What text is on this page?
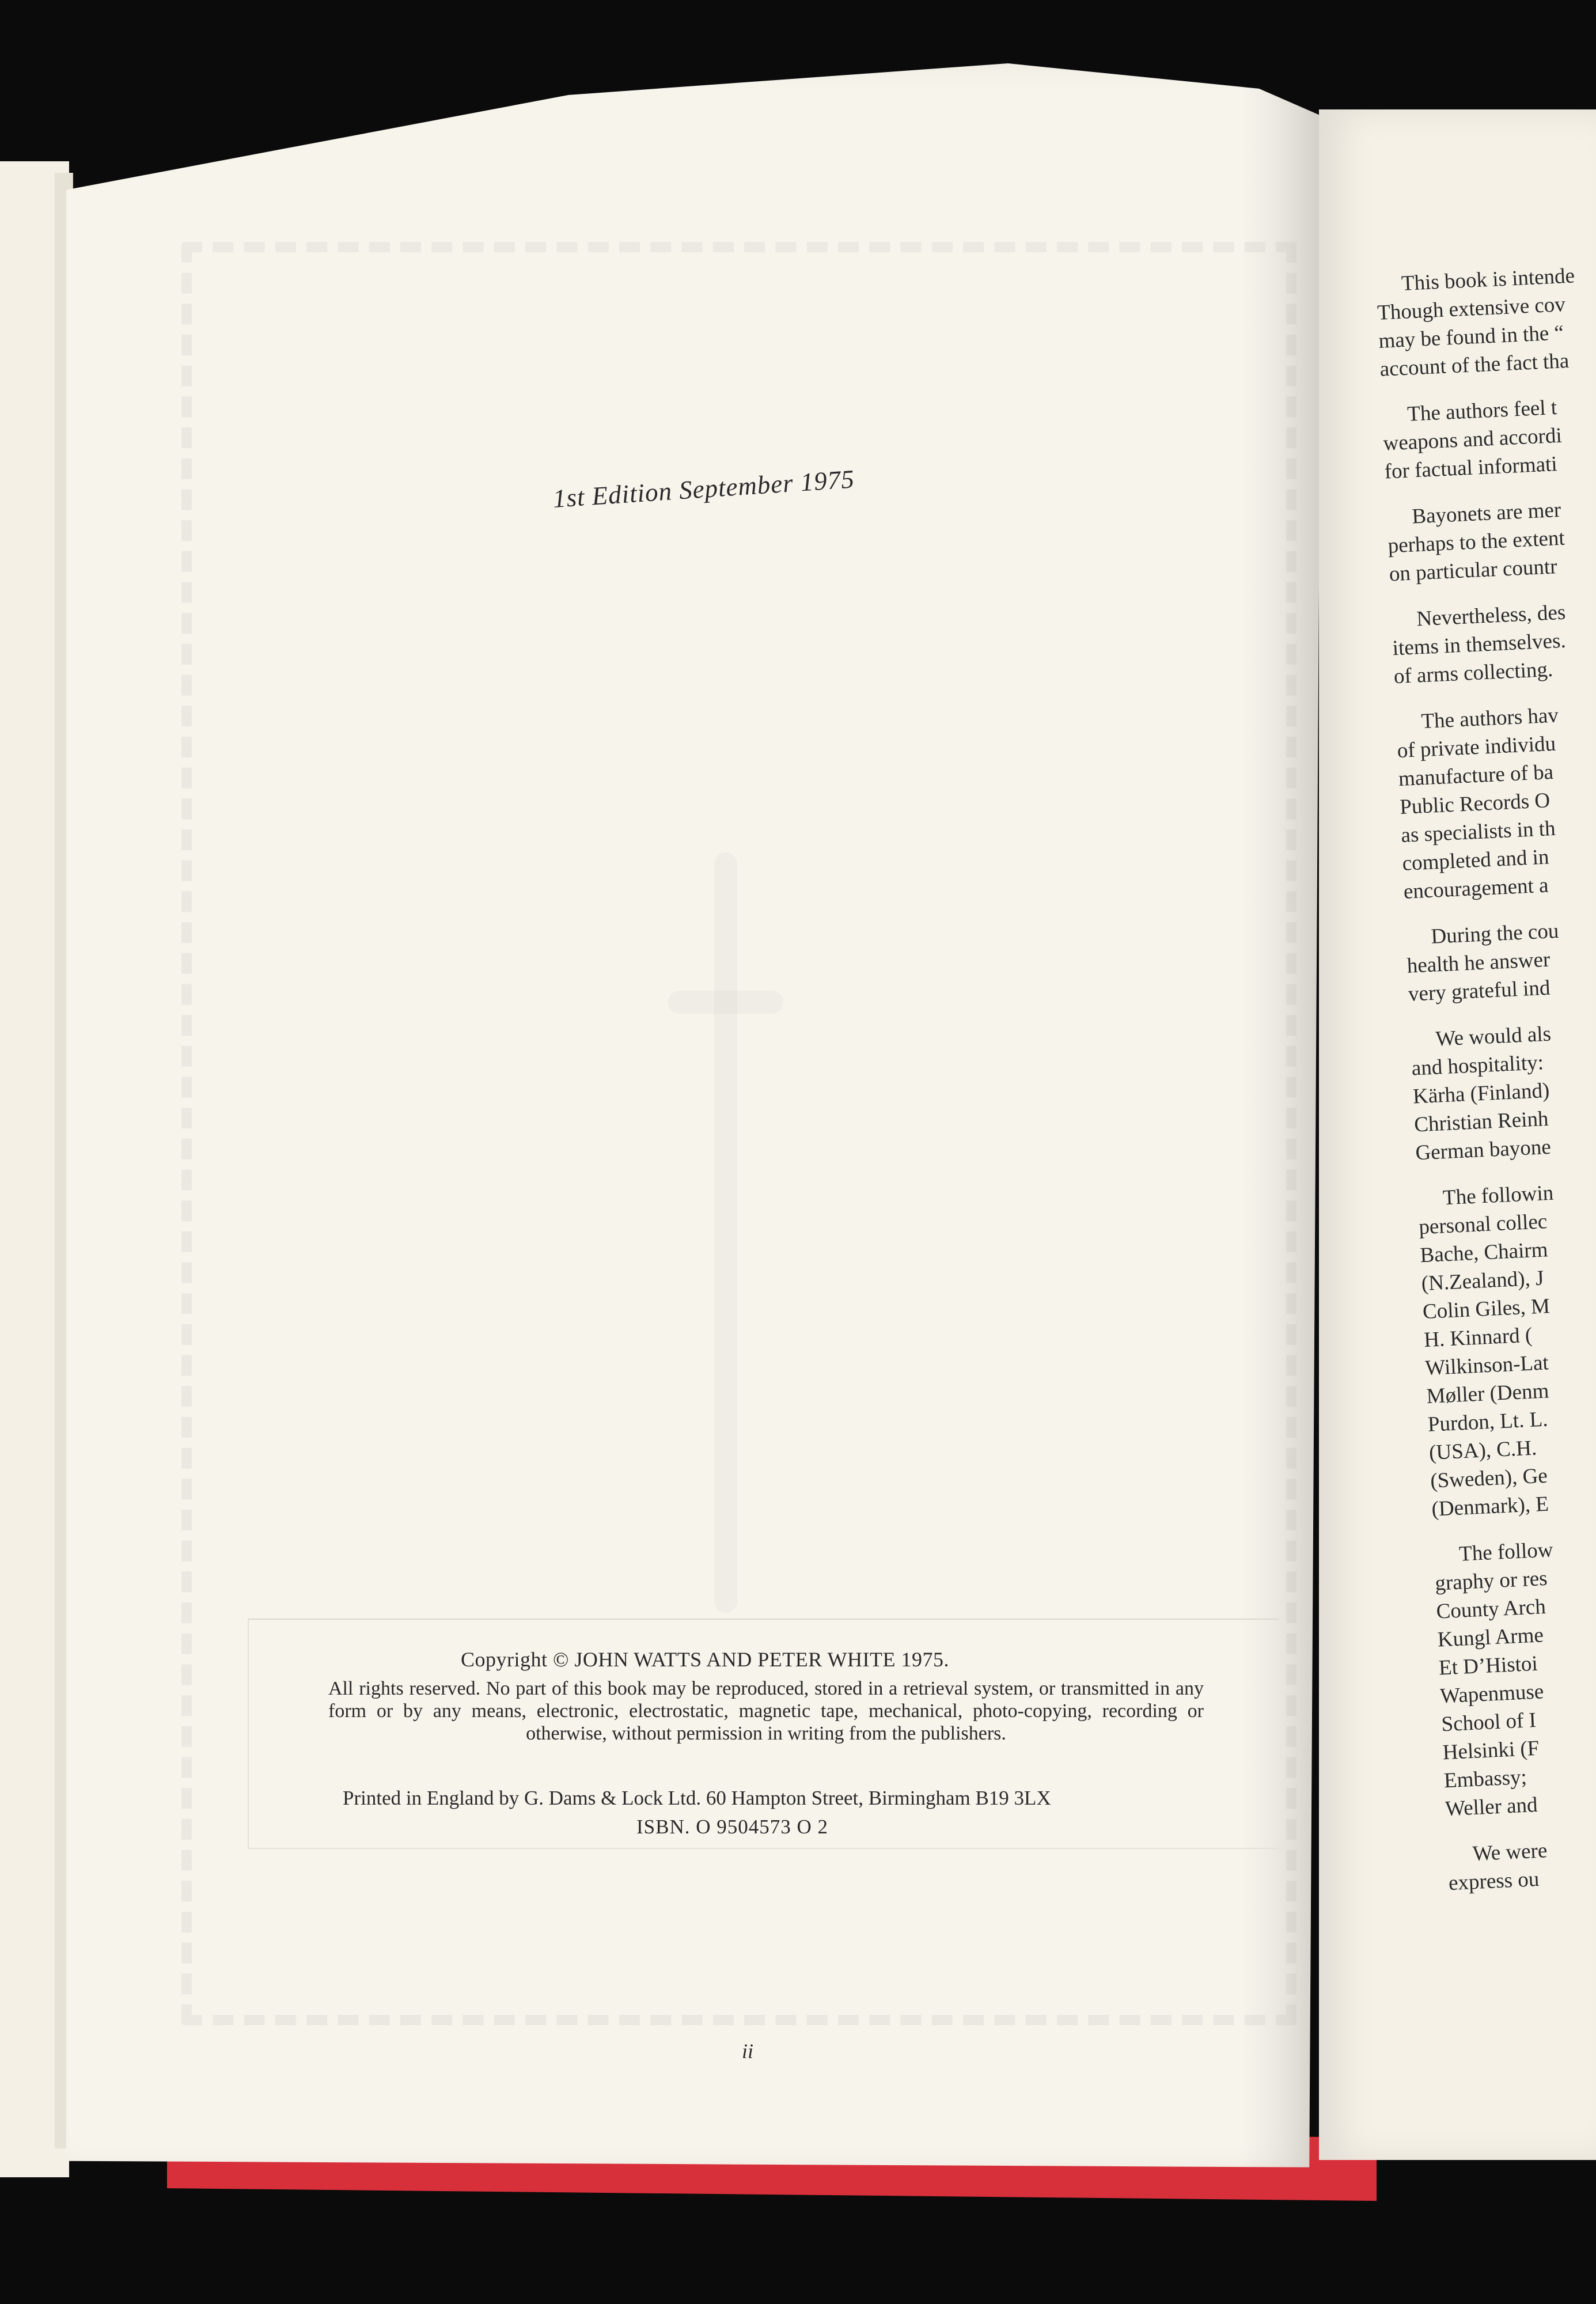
1st Edition September 1975
Copyright © JOHN WATTS AND PETER WHITE 1975.
All rights reserved. No part of this book may be reproduced, stored in a retrieval system, or transmitted in any form or by any means, electronic, electrostatic, magnetic tape, mechanical, photo-copying, recording or otherwise, without permission in writing from the publishers.
Printed in England by G. Dams & Lock Ltd. 60 Hampton Street, Birmingham B19 3LX
ISBN. O 9504573 O 2
ii
This book is intende
Though extensive cov
may be found in the “
account of the fact tha
The authors feel t
weapons and accordi
for factual informati
Bayonets are mer
perhaps to the extent
on particular countr
Nevertheless, des
items in themselves.
of arms collecting.
The authors hav
of private individu
manufacture of ba
Public Records O
as specialists in th
completed and in
encouragement a
During the cou
health he answer
very grateful ind
We would als
and hospitality:
Kärha (Finland)
Christian Reinh
German bayone
The followin
personal collec
Bache, Chairm
(N.Zealand), J
Colin Giles, M
H. Kinnard (
Wilkinson-Lat
Møller (Denm
Purdon, Lt. L.
(USA), C.H.
(Sweden), Ge
(Denmark), E
The follow
graphy or res
County Arch
Kungl Arme
Et D’Histoi
Wapenmuse
School of I
Helsinki (F
Embassy;
Weller and
We were
express ou
